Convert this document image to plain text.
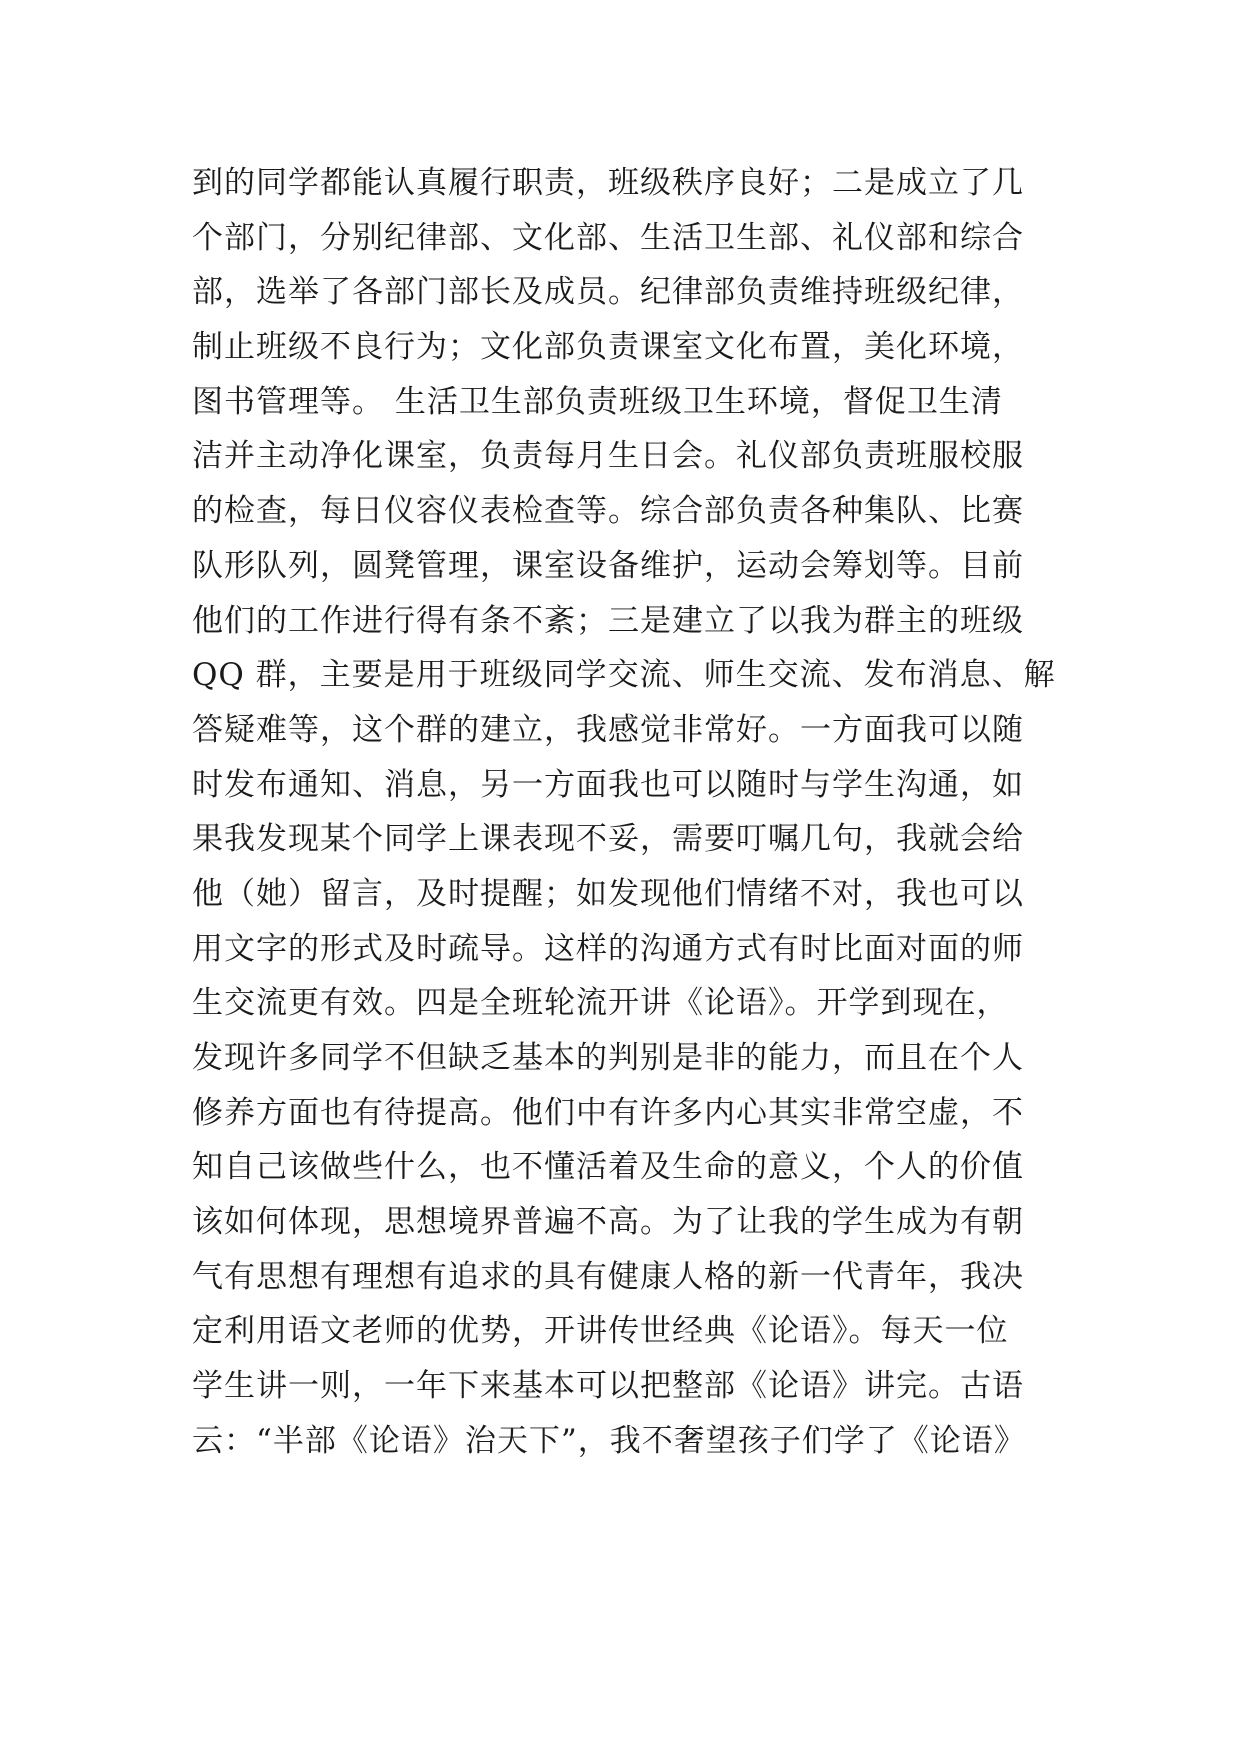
到的同学都能认真履行职责，班级秩序良好；二是成立了几
个部门，分别纪律部、文化部、生活卫生部、礼仪部和综合
部，选举了各部门部长及成员。纪律部负责维持班级纪律，
制止班级不良行为；文化部负责课室文化布置，美化环境，
图书管理等。 生活卫生部负责班级卫生环境，督促卫生清
洁并主动净化课室，负责每月生日会。礼仪部负责班服校服
的检查，每日仪容仪表检查等。综合部负责各种集队、比赛
队形队列，圆凳管理，课室设备维护，运动会筹划等。目前
他们的工作进行得有条不紊；三是建立了以我为群主的班级
QQ 群，主要是用于班级同学交流、师生交流、发布消息、解
答疑难等，这个群的建立，我感觉非常好。一方面我可以随
时发布通知、消息，另一方面我也可以随时与学生沟通，如
果我发现某个同学上课表现不妥，需要叮嘱几句，我就会给
他（她）留言，及时提醒；如发现他们情绪不对，我也可以
用文字的形式及时疏导。这样的沟通方式有时比面对面的师
生交流更有效。四是全班轮流开讲《论语》。开学到现在，
发现许多同学不但缺乏基本的判别是非的能力，而且在个人
修养方面也有待提高。他们中有许多内心其实非常空虚，不
知自己该做些什么，也不懂活着及生命的意义，个人的价值
该如何体现，思想境界普遍不高。为了让我的学生成为有朝
气有思想有理想有追求的具有健康人格的新一代青年，我决
定利用语文老师的优势，开讲传世经典《论语》。每天一位
学生讲一则，一年下来基本可以把整部《论语》讲完。古语
云：“半部《论语》治天下”，我不奢望孩子们学了《论语》
